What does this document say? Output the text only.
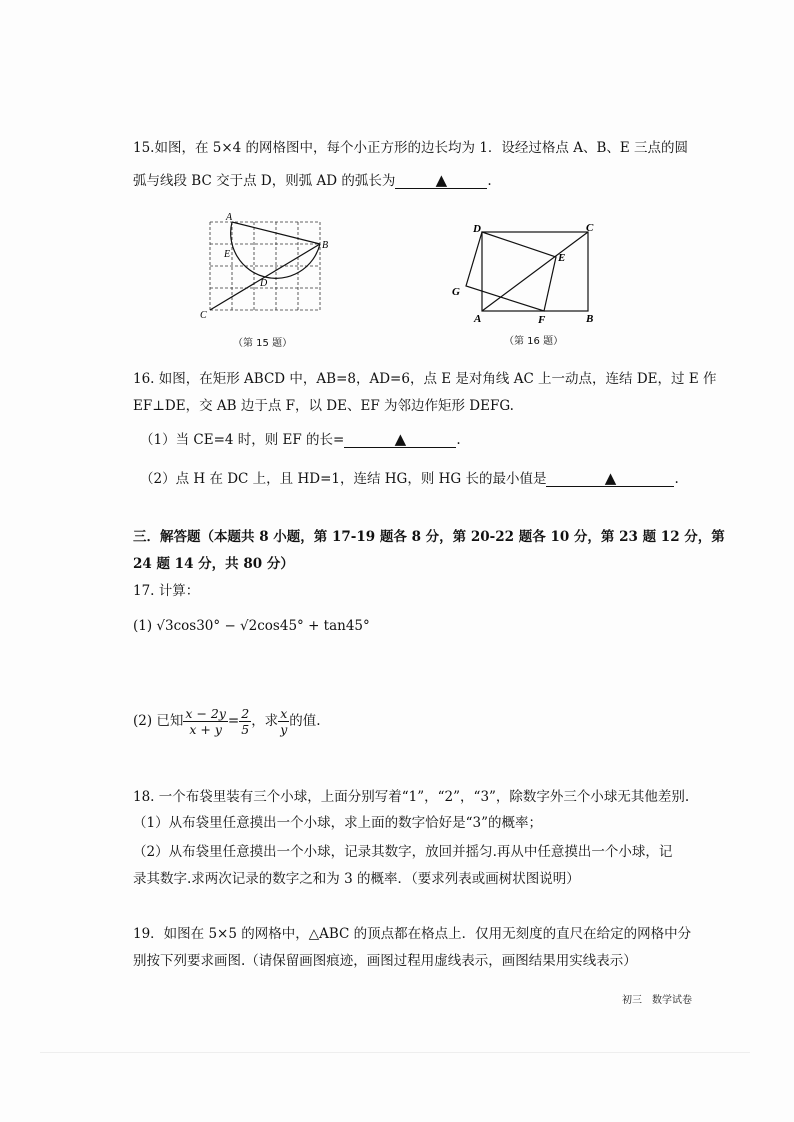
15.如图，在 5×4 的网格图中，每个小正方形的边长均为 1．设经过格点 A、B、E 三点的圆
弧与线段 BC 交于点 D，则弧 AD 的弧长为	▲	.
A
B
C
D
E
（第 15 题）
D	C
E
G
A	F	B
（第 16 题）
16. 如图，在矩形 ABCD 中，AB=8，AD=6，点 E 是对角线 AC 上一动点，连结 DE，过 E 作
EF⊥DE，交 AB 边于点 F，以 DE、EF 为邻边作矩形 DEFG.
（1）当 CE=4 时，则 EF 的长=	▲	.
（2）点 H 在 DC 上，且 HD=1，连结 HG，则 HG 长的最小值是	▲	.
三．解答题（本题共 8 小题，第 17-19 题各 8 分，第 20-22 题各 10 分，第 23 题 12 分，第
24 题 14 分，共 80 分）
17. 计算：
(1) √3cos30° − √2cos45° + tan45°
(2) 已知 $\frac{x - 2y}{x + y} = \frac{2}{5}$ ，求 $\frac{x}{y}$ 的值.
18. 一个布袋里装有三个小球，上面分别写着“1”，“2”，“3”，除数字外三个小球无其他差别.
（1）从布袋里任意摸出一个小球，求上面的数字恰好是“3”的概率；
（2）从布袋里任意摸出一个小球，记录其数字，放回并摇匀.再从中任意摸出一个小球，记
录其数字.求两次记录的数字之和为 3 的概率．（要求列表或画树状图说明）
19．如图在 5×5 的网格中，△ABC 的顶点都在格点上．仅用无刻度的直尺在给定的网格中分
别按下列要求画图.（请保留画图痕迹，画图过程用虚线表示，画图结果用实线表示）
初三　数学试卷
